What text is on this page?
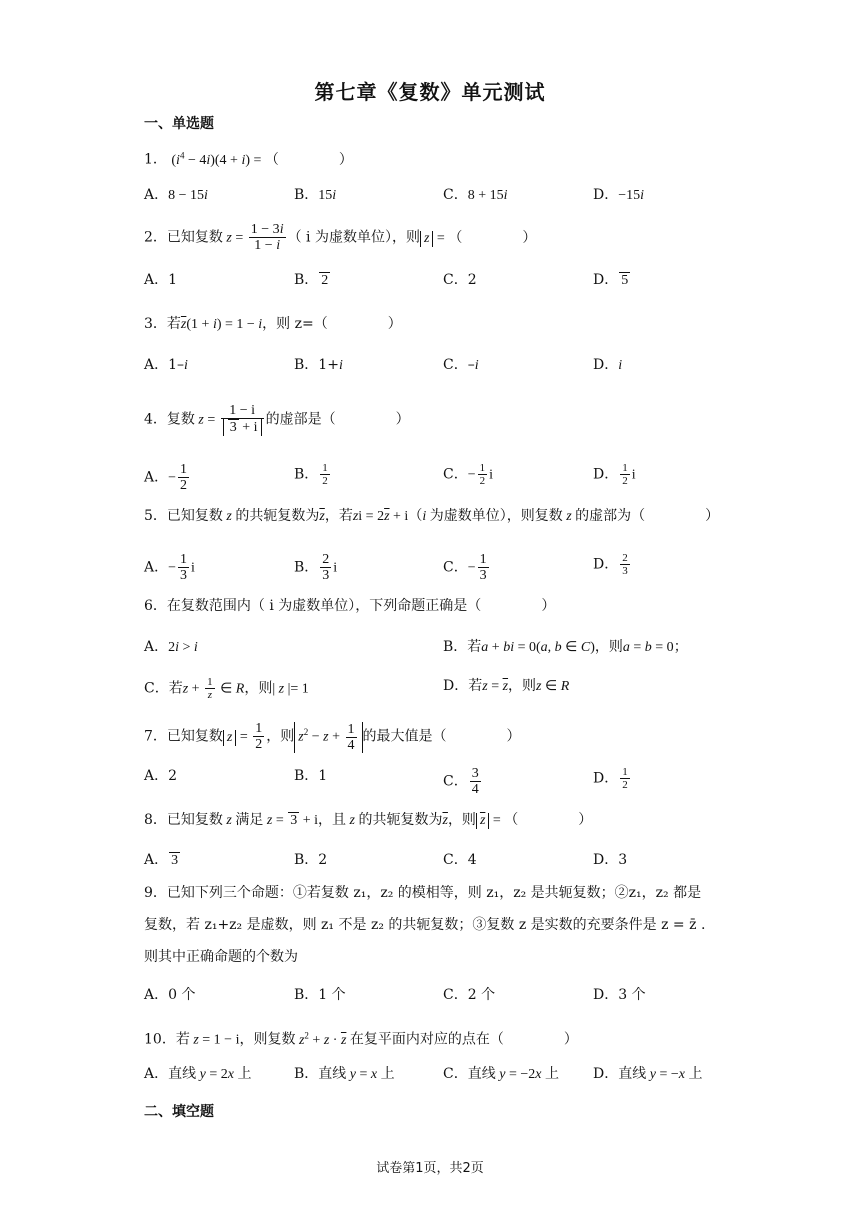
第七章《复数》单元测试
一、单选题
1． $(i^4 - 4i)(4 + i)$ = （	）
A．8 − 15i	B．15i	C．8 + 15i	D．−15i
2．已知复数 $z = \frac{1 - 3i}{1 - i}$ （ i 为虚数单位），则 z = （	）
A．1	B． 2	C．2	D． 5
3．若$\overline{z}(1 + i) = 1 - i$，则 z=（	）
A．1–i	B．1+i	C．–i	D．i
4．复数 $z = \frac{1 - i}{3 + i}$ 的虚部是（	）
A．− $\frac{1}{2}$	B． $\frac{1}{2}$	C．− $\frac{1}{2}$ i	D． $\frac{1}{2}$ i
5．已知复数 z 的共轭复数为$\overline{z}$，若zi = $2\overline{z} + i(i$ 为虚数单位），则复数 z 的虚部为（	）
A．− $\frac{1}{3}$ i	B． $\frac{2}{3}$ i	C．− $\frac{1}{3}$	D． $\frac{2}{3}$
6．在复数范围内（ i 为虚数单位），下列命题正确是（	）
A．2i > i	B．若a + bi = 0(a, b ∈ C)，则a = b = 0；
C．若$z + \frac{1}{z}$ ∈ R，则| z |= 1	D．若$z = \overline{z}$，则z ∈ R
7．已知复数 $z = \frac{1}{2}$ ，则 $z^2 - z + \frac{1}{4}$ 的最大值是（	）
A．2	B．1	C． $\frac{3}{4}$	D． $\frac{1}{2}$
8．已知复数 z 满足 z = 3 + i，且 z 的共轭复数为$\overline{z}$，则 $\overline{z}$ = （	）
A． 3	B．2	C．4	D．3
9．已知下列三个命题：①若复数 z₁，z₂ 的模相等，则 z₁，z₂ 是共轭复数；②z₁，z₂ 都是
复数，若 z₁+z₂ 是虚数，则 z₁ 不是 z₂ 的共轭复数；③复数 z 是实数的充要条件是 z = z̄ .
则其中正确命题的个数为
A．0 个	B．1 个	C．2 个	D．3 个
10．若 z = 1 − i，则复数 $z^2 + z \cdot \overline{z}$ 在复平面内对应的点在（	）
A．直线 y = 2x 上	B．直线 y = x 上	C．直线 y = −2x 上 D．直线 y = −x 上
二、填空题
试卷第1页，共2页
